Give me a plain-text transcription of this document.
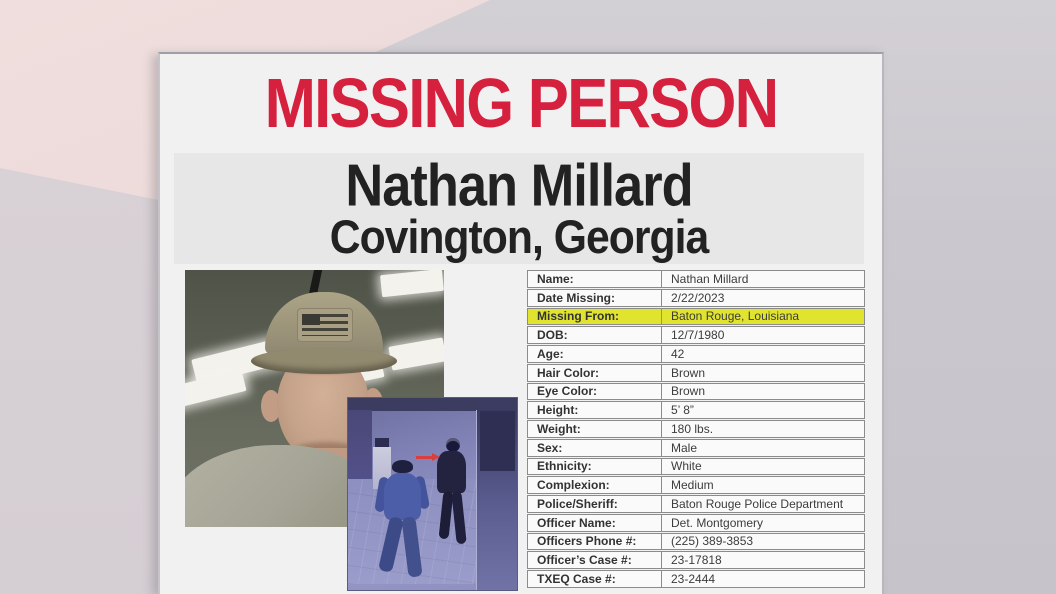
MISSING PERSON
Nathan Millard
Covington, Georgia
Name:	Nathan Millard
Date Missing:	2/22/2023
Missing From:	Baton Rouge, Louisiana
DOB:	12/7/1980
Age:	42
Hair Color:	Brown
Eye Color:	Brown
Height:	5’ 8”
Weight:	180 lbs.
Sex:	Male
Ethnicity:	White
Complexion:	Medium
Police/Sheriff:	Baton Rouge Police Department
Officer Name:	Det. Montgomery
Officers Phone #:	(225) 389-3853
Officer’s Case #:	23-17818
TXEQ Case #:	23-2444
